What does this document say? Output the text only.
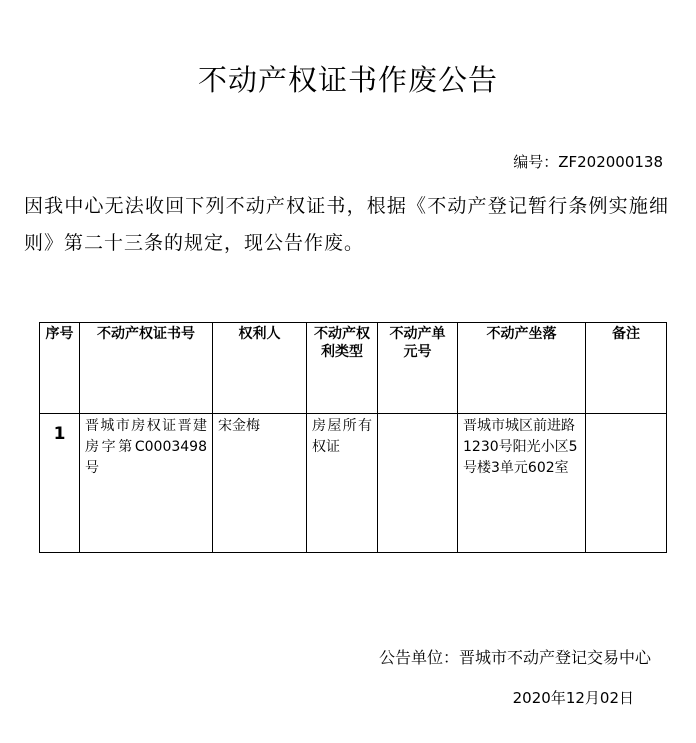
不动产权证书作废公告
编号：ZF202000138
因我中心无法收回下列不动产权证书，根据《不动产登记暂行条例实施细则》第二十三条的规定，现公告作废。
序号	不动产权证书号	权利人	不动产权利类型	不动产单元号	不动产坐落	备注
1	晋城市房权证晋建房字第C0003498号	宋金梅	房屋所有权证		晋城市城区前进路1230号阳光小区5号楼3单元602室	
公告单位：晋城市不动产登记交易中心
2020年12月02日
